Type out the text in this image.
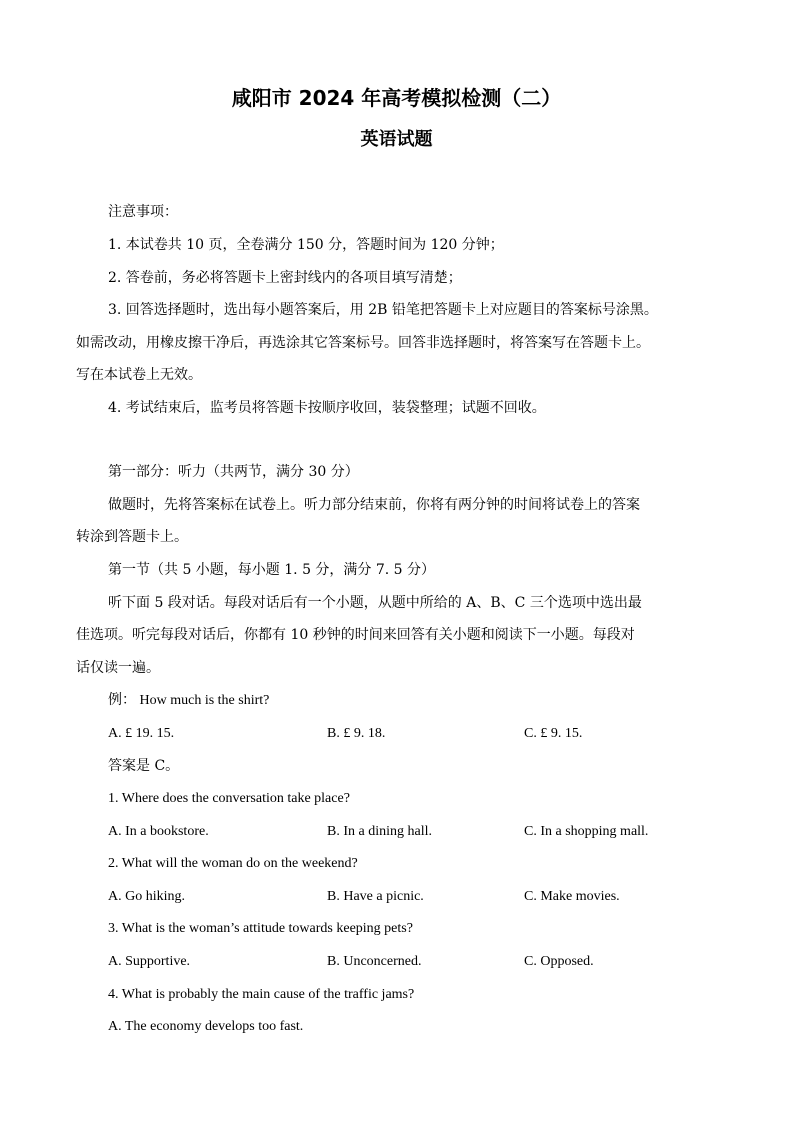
咸阳市 2024 年高考模拟检测（二）
英语试题
注意事项：
1. 本试卷共 10 页，全卷满分 150 分，答题时间为 120 分钟；
2. 答卷前，务必将答题卡上密封线内的各项目填写清楚；
3. 回答选择题时，选出每小题答案后，用 2B 铅笔把答题卡上对应题目的答案标号涂黑。
如需改动，用橡皮擦干净后，再选涂其它答案标号。回答非选择题时，将答案写在答题卡上。
写在本试卷上无效。
4. 考试结束后，监考员将答题卡按顺序收回，装袋整理；试题不回收。
第一部分：听力（共两节，满分 30 分）
做题时，先将答案标在试卷上。听力部分结束前，你将有两分钟的时间将试卷上的答案
转涂到答题卡上。
第一节（共 5 小题，每小题 1. 5 分，满分 7. 5 分）
听下面 5 段对话。每段对话后有一个小题，从题中所给的 A、B、C 三个选项中选出最
佳选项。听完每段对话后，你都有 10 秒钟的时间来回答有关小题和阅读下一小题。每段对
话仅读一遍。
例： How much is the shirt?
A. £ 19. 15.	B. £ 9. 18.	C. £ 9. 15.
答案是 C。
1. Where does the conversation take place?
A. In a bookstore.	B. In a dining hall.	C. In a shopping mall.
2. What will the woman do on the weekend?
A. Go hiking.	B. Have a picnic.	C. Make movies.
3. What is the woman’s attitude towards keeping pets?
A. Supportive.	B. Unconcerned.	C. Opposed.
4. What is probably the main cause of the traffic jams?
A. The economy develops too fast.
